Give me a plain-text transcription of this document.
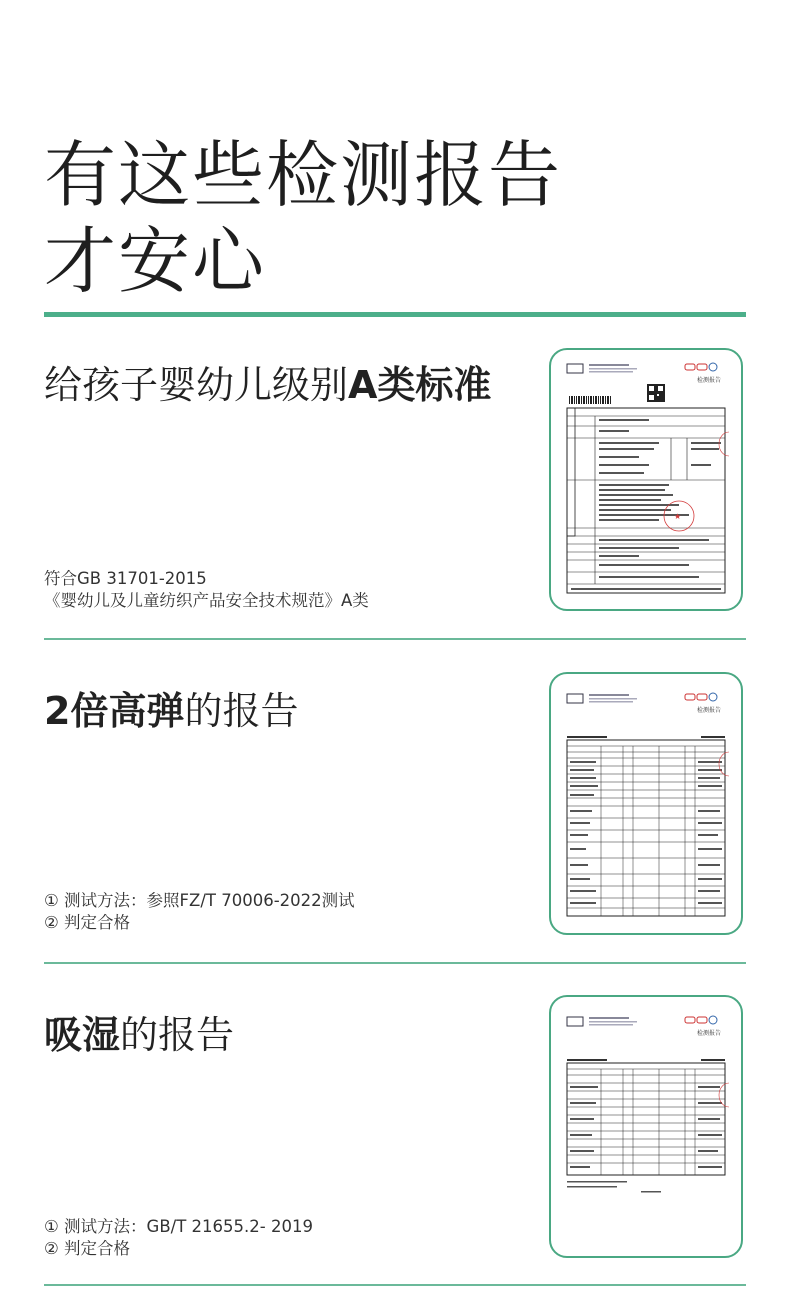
有这些检测报告
才安心
给孩子婴幼儿级别A类标准
符合GB 31701-2015
《婴幼儿及儿童纺织产品安全技术规范》A类
检测报告
★
2倍高弹的报告
① 测试方法：参照FZ/T 70006-2022测试
② 判定合格
检测报告
吸湿的报告
① 测试方法：GB/T 21655.2- 2019
② 判定合格
检测报告
